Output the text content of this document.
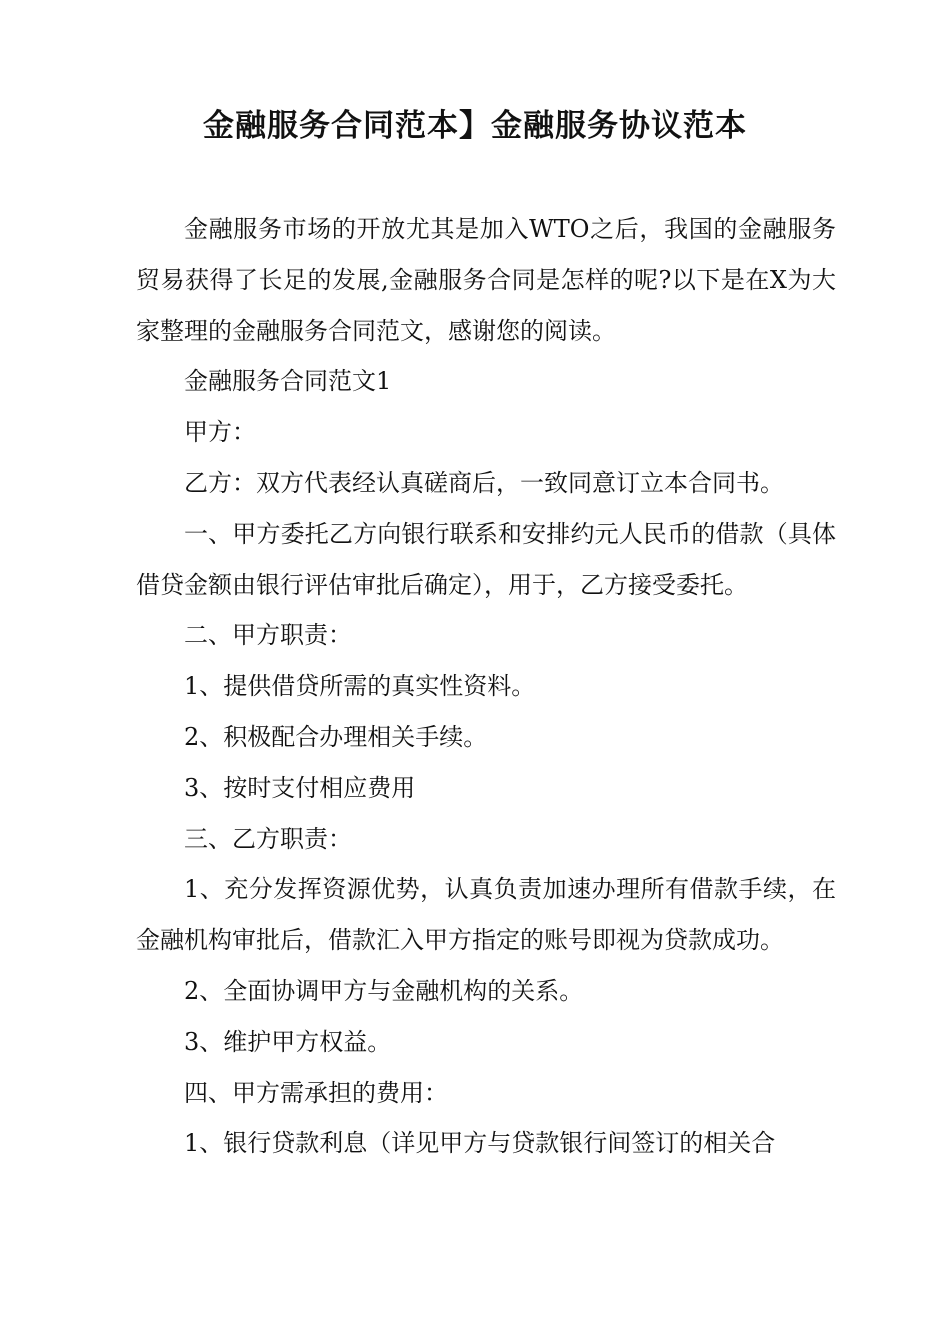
金融服务合同范本】金融服务协议范本

金融服务市场的开放尤其是加入WTO之后，我国的金融服务贸易获得了长足的发展,金融服务合同是怎样的呢?以下是在X为大家整理的金融服务合同范文，感谢您的阅读。

金融服务合同范文1

甲方：

乙方：双方代表经认真磋商后，一致同意订立本合同书。

一、甲方委托乙方向银行联系和安排约元人民币的借款（具体借贷金额由银行评估审批后确定），用于，乙方接受委托。

二、甲方职责：

1、提供借贷所需的真实性资料。

2、积极配合办理相关手续。

3、按时支付相应费用

三、乙方职责：

1、充分发挥资源优势，认真负责加速办理所有借款手续，在金融机构审批后，借款汇入甲方指定的账号即视为贷款成功。

2、全面协调甲方与金融机构的关系。

3、维护甲方权益。

四、甲方需承担的费用：

1、银行贷款利息（详见甲方与贷款银行间签订的相关合
